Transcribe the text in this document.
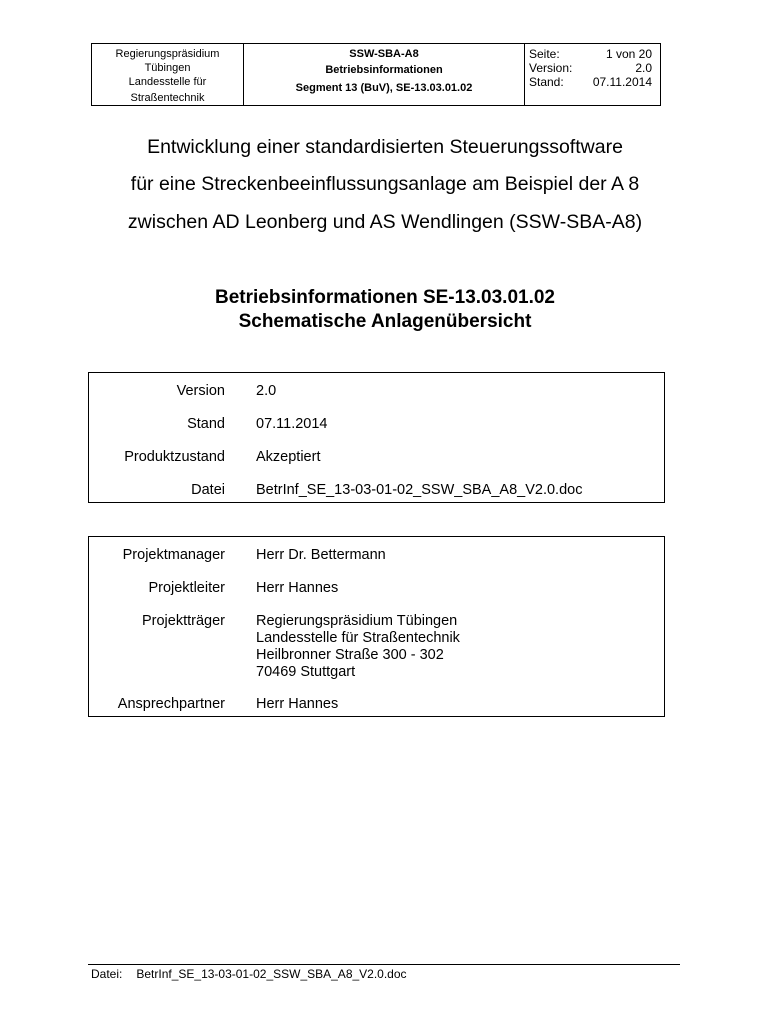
Regierungspräsidium
Tübingen
Landesstelle für
Straßentechnik
SSW-SBA-A8
Betriebsinformationen
Segment 13 (BuV), SE-13.03.01.02
Seite:	1 von 20
Version:	2.0
Stand: 07.11.2014
Entwicklung einer standardisierten Steuerungssoftware
für eine Streckenbeeinflussungsanlage am Beispiel der A 8
zwischen AD Leonberg und AS Wendlingen (SSW-SBA-A8)
Betriebsinformationen SE-13.03.01.02
Schematische Anlagenübersicht
Version 2.0
Stand 07.11.2014
Produktzustand Akzeptiert
Datei BetrInf_SE_13-03-01-02_SSW_SBA_A8_V2.0.doc
Projektmanager Herr Dr. Bettermann
Projektleiter Herr Hannes
Projektträger Regierungspräsidium Tübingen
Landesstelle für Straßentechnik
Heilbronner Straße 300 - 302
70469 Stuttgart
Ansprechpartner Herr Hannes
Datei: BetrInf_SE_13-03-01-02_SSW_SBA_A8_V2.0.doc
